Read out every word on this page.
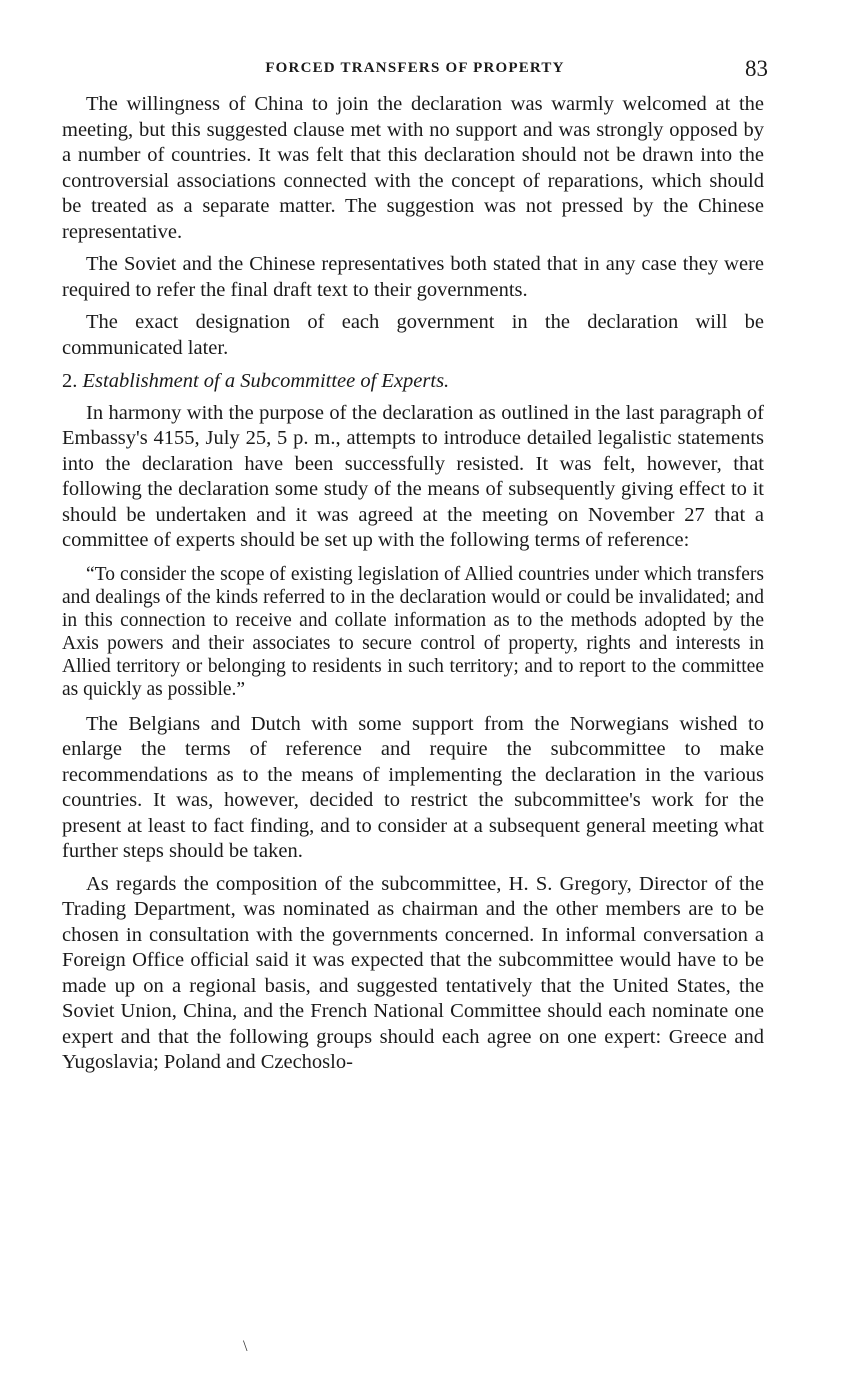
FORCED TRANSFERS OF PROPERTY	83

The willingness of China to join the declaration was warmly welcomed at the meeting, but this suggested clause met with no support and was strongly opposed by a number of countries. It was felt that this declaration should not be drawn into the controversial associations connected with the concept of reparations, which should be treated as a separate matter. The suggestion was not pressed by the Chinese representative.

The Soviet and the Chinese representatives both stated that in any case they were required to refer the final draft text to their governments.

The exact designation of each government in the declaration will be communicated later.

2. Establishment of a Subcommittee of Experts.

In harmony with the purpose of the declaration as outlined in the last paragraph of Embassy's 4155, July 25, 5 p. m., attempts to introduce detailed legalistic statements into the declaration have been successfully resisted. It was felt, however, that following the declaration some study of the means of subsequently giving effect to it should be undertaken and it was agreed at the meeting on November 27 that a committee of experts should be set up with the following terms of reference:

“To consider the scope of existing legislation of Allied countries under which transfers and dealings of the kinds referred to in the declaration would or could be invalidated; and in this connection to receive and collate information as to the methods adopted by the Axis powers and their associates to secure control of property, rights and interests in Allied territory or belonging to residents in such territory; and to report to the committee as quickly as possible.”

The Belgians and Dutch with some support from the Norwegians wished to enlarge the terms of reference and require the subcommittee to make recommendations as to the means of implementing the declaration in the various countries. It was, however, decided to restrict the subcommittee's work for the present at least to fact finding, and to consider at a subsequent general meeting what further steps should be taken.

As regards the composition of the subcommittee, H. S. Gregory, Director of the Trading Department, was nominated as chairman and the other members are to be chosen in consultation with the governments concerned. In informal conversation a Foreign Office official said it was expected that the subcommittee would have to be made up on a regional basis, and suggested tentatively that the United States, the Soviet Union, China, and the French National Committee should each nominate one expert and that the following groups should each agree on one expert: Greece and Yugoslavia; Poland and Czechoslo-

\
